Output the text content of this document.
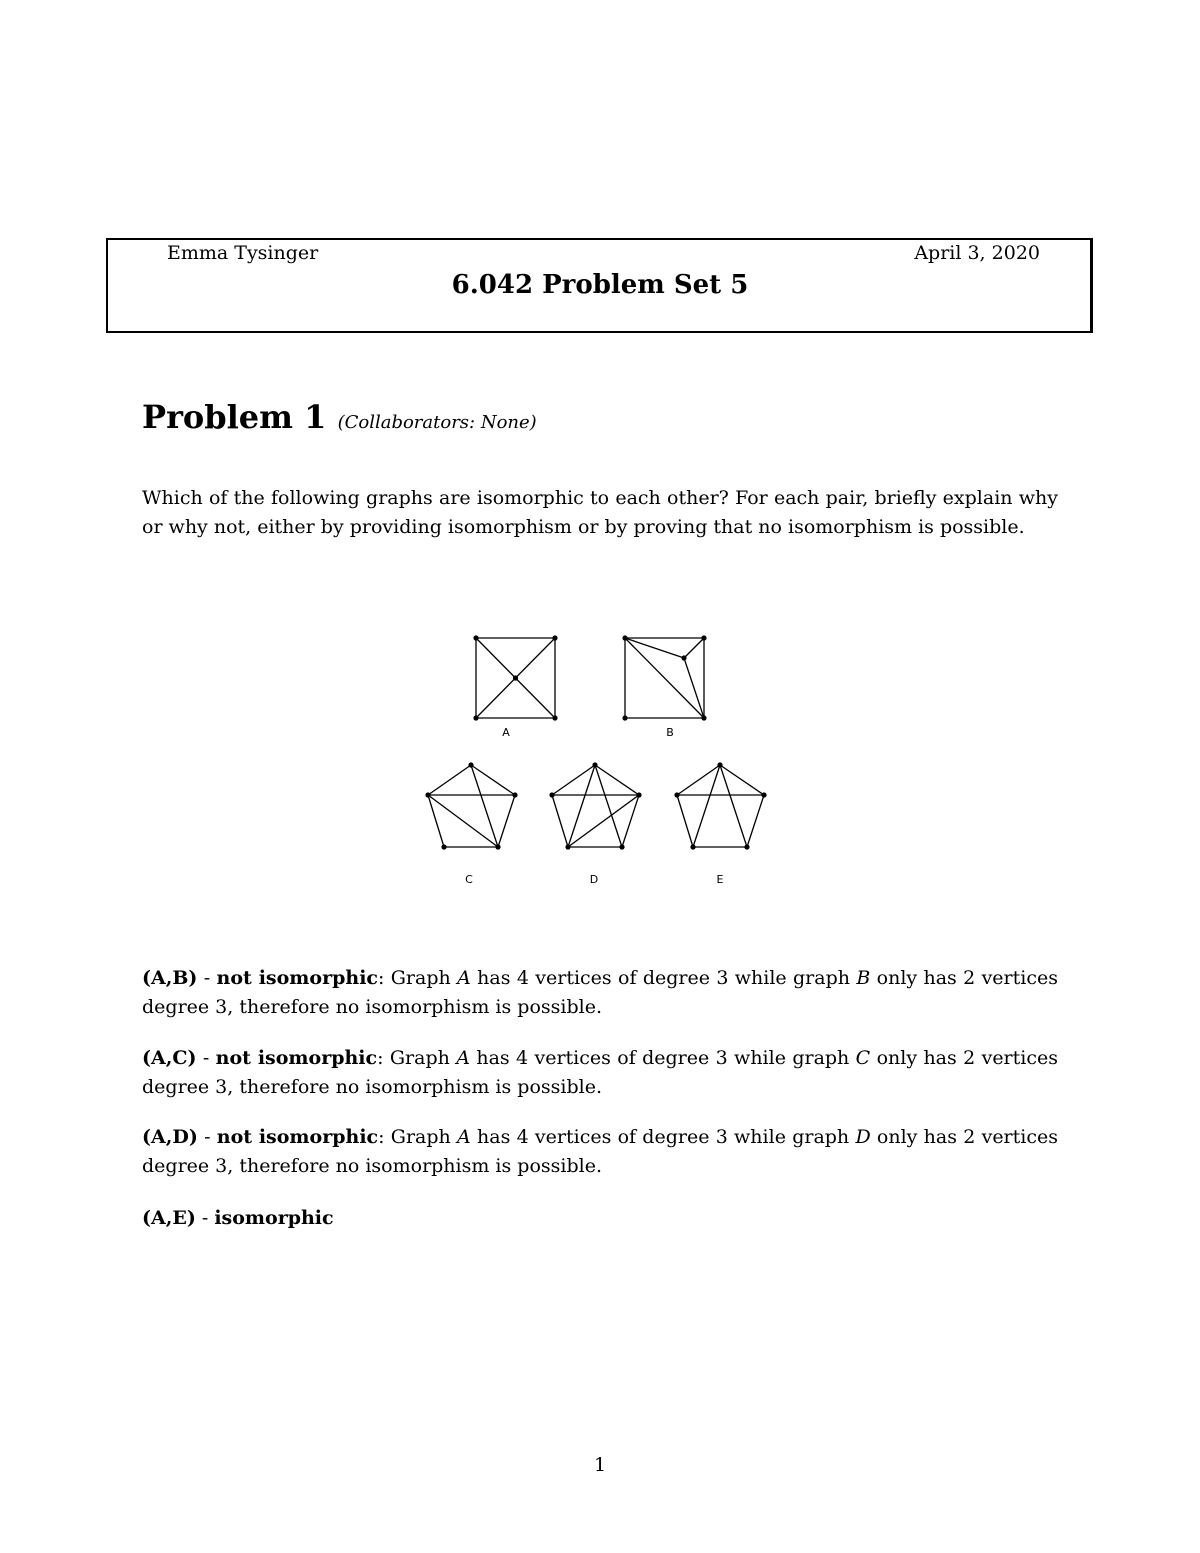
Emma Tysinger	April 3, 2020
6.042 Problem Set 5
Problem 1 (Collaborators: None)
Which of the following graphs are isomorphic to each other? For each pair, briefly explain why or why not, either by providing isomorphism or by proving that no isomorphism is possible.
A	B
C	D	E
(A,B) - not isomorphic: Graph A has 4 vertices of degree 3 while graph B only has 2 vertices degree 3, therefore no isomorphism is possible.
(A,C) - not isomorphic: Graph A has 4 vertices of degree 3 while graph C only has 2 vertices degree 3, therefore no isomorphism is possible.
(A,D) - not isomorphic: Graph A has 4 vertices of degree 3 while graph D only has 2 vertices degree 3, therefore no isomorphism is possible.
(A,E) - isomorphic
1
